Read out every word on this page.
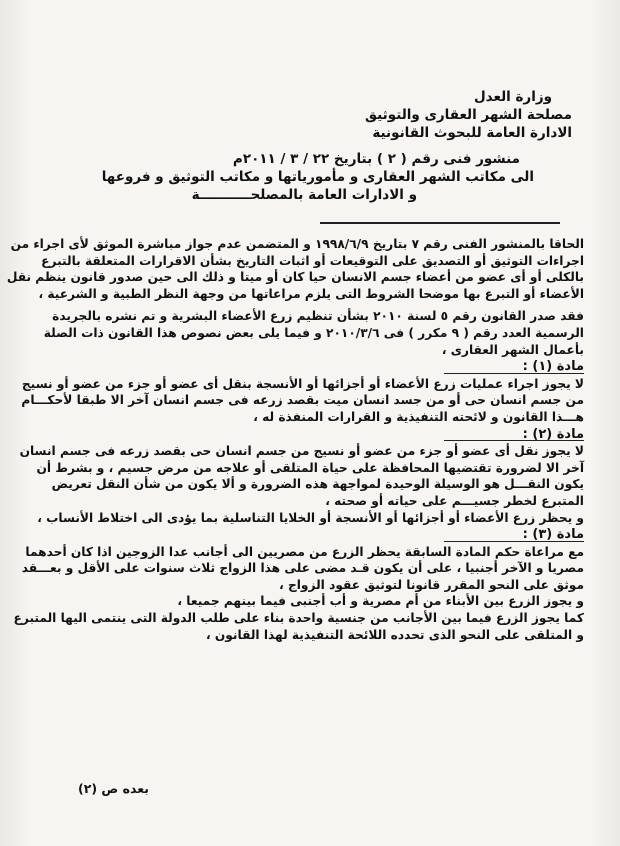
وزارة العدل
مصلحة الشهر العقارى والتوثيق
الادارة العامة للبحوث القانونية
منشور فنى رقم ( ٢ ) بتاريخ ٢٢ / ٣ / ٢٠١١م
الى مكاتب الشهر العقارى و مأمورياتها و مكاتب التوثيق و فروعها
و الادارات العامة بالمصلحـــــــــــة

الحاقا بالمنشور الفنى رقم ٧ بتاريخ ١٩٩٨/٦/٩ و المتضمن عدم جواز مباشرة الموثق لأى اجراء من اجراءات التوثيق أو التصديق على التوقيعات أو اثبات التاريخ بشأن الاقرارات المتعلقة بالتبرع بالكلى أو أى عضو من أعضاء جسم الانسان حيا كان أو ميتا و ذلك الى حين صدور قانون ينظم نقل الأعضاء أو التبرع بها موضحا الشروط التى يلزم مراعاتها من وجهة النظر الطبية و الشرعية ،

فقد صدر القانون رقم ٥ لسنة ٢٠١٠ بشأن تنظيم زرع الأعضاء البشرية و تم نشره بالجريدة الرسمية العدد رقم ( ٩ مكرر ) فى ٢٠١٠/٣/٦ و فيما يلى بعض نصوص هذا القانون ذات الصلة بأعمال الشهر العقارى ،

مادة (١) :

لا يجوز اجراء عمليات زرع الأعضاء أو أجزائها أو الأنسجة بنقل أى عضو أو جزء من عضو أو نسيج من جسم انسان حى أو من جسد انسان ميت بقصد زرعه فى جسم انسان آخر الا طبقا لأحكـــام هـــذا القانون و لائحته التنفيذية و القرارات المنفذة له ،

مادة (٢) :

لا يجوز نقل أى عضو أو جزء من عضو أو نسيج من جسم انسان حى بقصد زرعه فى جسم انسان آخر الا لضرورة تقتضيها المحافظة على حياة المتلقى أو علاجه من مرض جسيم ، و بشرط أن يكون النقـــل هو الوسيلة الوحيدة لمواجهة هذه الضرورة و ألا يكون من شأن النقل تعريض المتبرع لخطر جسيـــم على حياته أو صحته ،

و يحظر زرع الأعضاء أو أجزائها أو الأنسجة أو الخلايا التناسلية بما يؤدى الى اختلاط الأنساب ،

مادة (٣) :

مع مراعاة حكم المادة السابقة يحظر الزرع من مصريين الى أجانب عدا الزوجين اذا كان أحدهما مصريا و الآخر أجنبيا ، على أن يكون قـد مضى على هذا الزواج ثلاث سنوات على الأقل و بعـــقد موثق على النحو المقرر قانونا لتوثيق عقود الزواج ،

و يجوز الزرع بين الأبناء من أم مصرية و أب أجنبى فيما بينهم جميعا ،

كما يجوز الزرع فيما بين الأجانب من جنسية واحدة بناء على طلب الدولة التى ينتمى اليها المتبرع و المتلقى على النحو الذى تحدده اللائحة التنفيذية لهذا القانون ،

بعده ص (٢)
